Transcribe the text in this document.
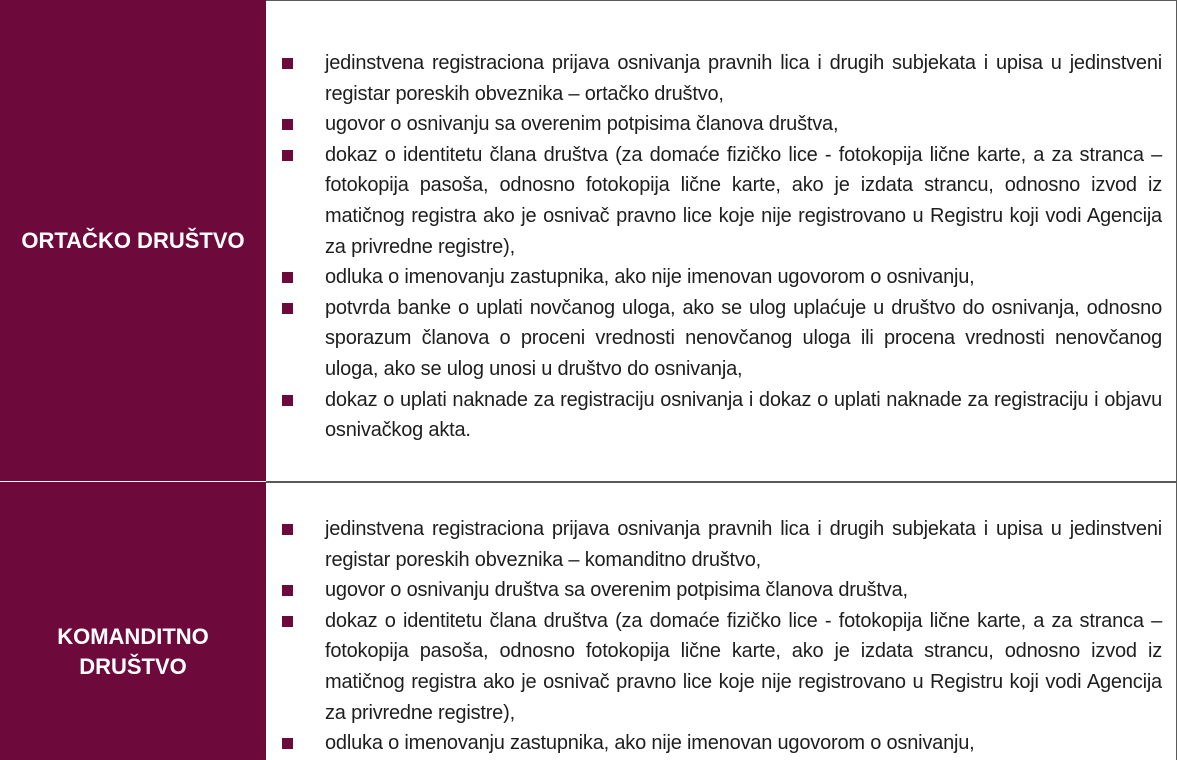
ORTAČKO DRUŠTVO
jedinstvena registraciona prijava osnivanja pravnih lica i drugih subjekata i upisa u jedinstveni registar poreskih obveznika – ortačko društvo,
ugovor o osnivanju sa overenim potpisima članova društva,
dokaz o identitetu člana društva (za domaće fizičko lice - fotokopija lične karte, a za stranca – fotokopija pasoša, odnosno fotokopija lične karte, ako je izdata strancu, odnosno izvod iz matičnog registra ako je osnivač pravno lice koje nije registrovano u Registru koji vodi Agencija za privredne registre),
odluka o imenovanju zastupnika, ako nije imenovan ugovorom o osnivanju,
potvrda banke o uplati novčanog uloga, ako se ulog uplaćuje u društvo do osnivanja, odnosno sporazum članova o proceni vrednosti nenovčanog uloga ili procena vrednosti nenovčanog uloga, ako se ulog unosi u društvo do osnivanja,
dokaz o uplati naknade za registraciju osnivanja i dokaz o uplati naknade za registraciju i objavu osnivačkog akta.
KOMANDITNO DRUŠTVO
jedinstvena registraciona prijava osnivanja pravnih lica i drugih subjekata i upisa u jedinstveni registar poreskih obveznika – komanditno društvo,
ugovor o osnivanju društva sa overenim potpisima članova društva,
dokaz o identitetu člana društva (za domaće fizičko lice - fotokopija lične karte, a za stranca – fotokopija pasoša, odnosno fotokopija lične karte, ako je izdata strancu, odnosno izvod iz matičnog registra ako je osnivač pravno lice koje nije registrovano u Registru koji vodi Agencija za privredne registre),
odluka o imenovanju zastupnika, ako nije imenovan ugovorom o osnivanju,
